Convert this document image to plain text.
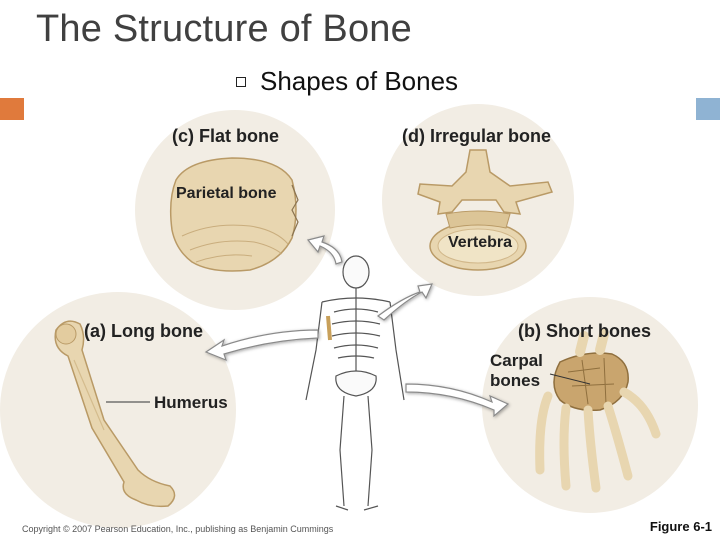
The Structure of Bone
Shapes of Bones
(c) Flat bone
Parietal bone
(d) Irregular bone
Vertebra
(a) Long bone
Humerus
(b) Short bones
Carpal
bones
Copyright © 2007 Pearson Education, Inc., publishing as Benjamin Cummings	Figure 6-1
